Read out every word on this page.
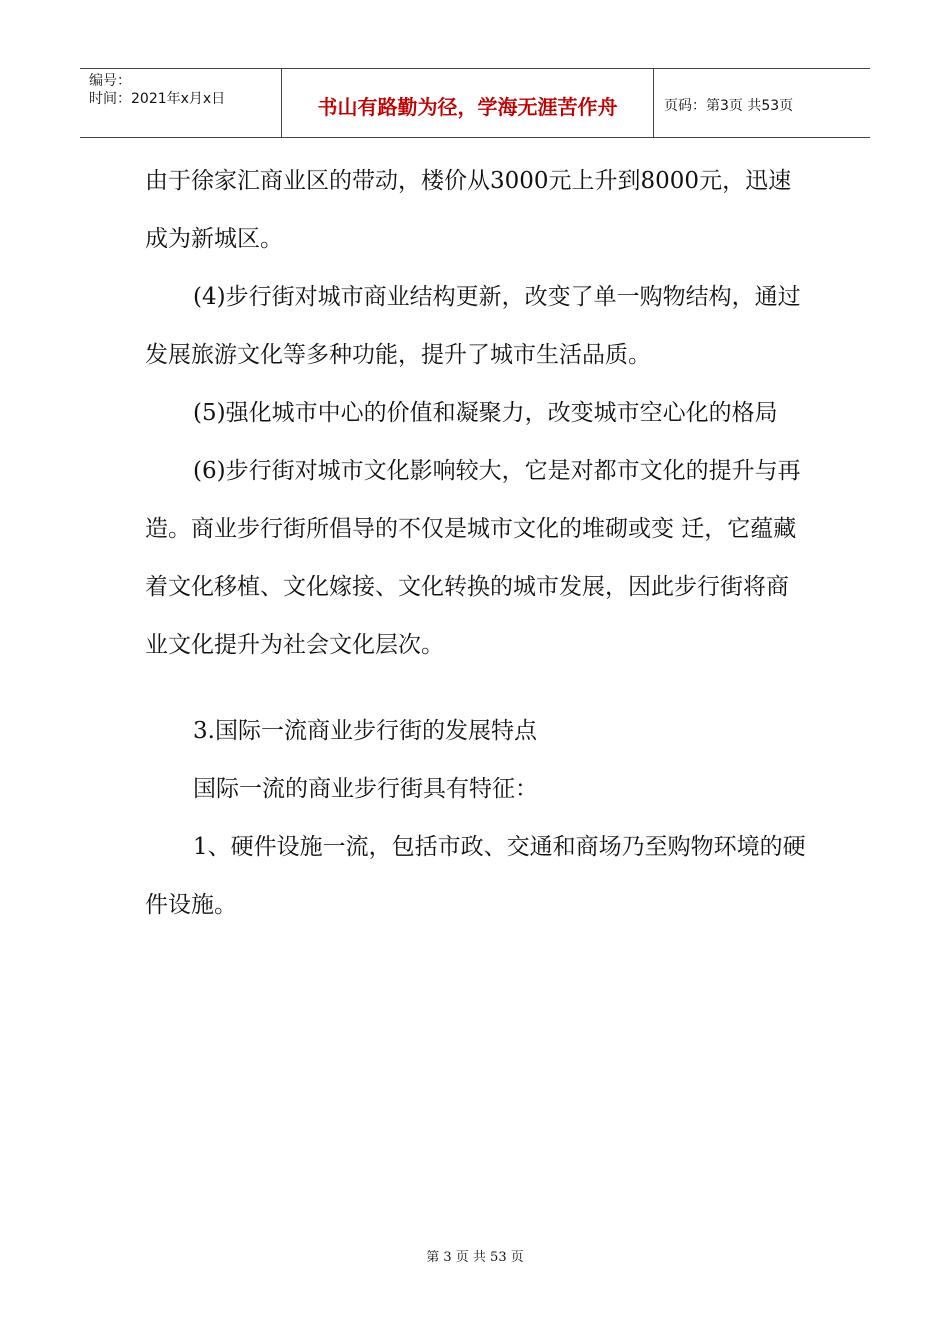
编号：
时间：2021年x月x日	书山有路勤为径，学海无涯苦作舟	页码：第3页 共53页

由于徐家汇商业区的带动，楼价从3000元上升到8000元，迅速成为新城区。

(4)步行街对城市商业结构更新，改变了单一购物结构，通过发展旅游文化等多种功能，提升了城市生活品质。

(5)强化城市中心的价值和凝聚力，改变城市空心化的格局

(6)步行街对城市文化影响较大，它是对都市文化的提升与再造。商业步行街所倡导的不仅是城市文化的堆砌或变 迁，它蕴藏着文化移植、文化嫁接、文化转换的城市发展，因此步行街将商业文化提升为社会文化层次。

3.国际一流商业步行街的发展特点

国际一流的商业步行街具有特征：

1、硬件设施一流，包括市政、交通和商场乃至购物环境的硬件设施。

第 3 页 共 53 页
